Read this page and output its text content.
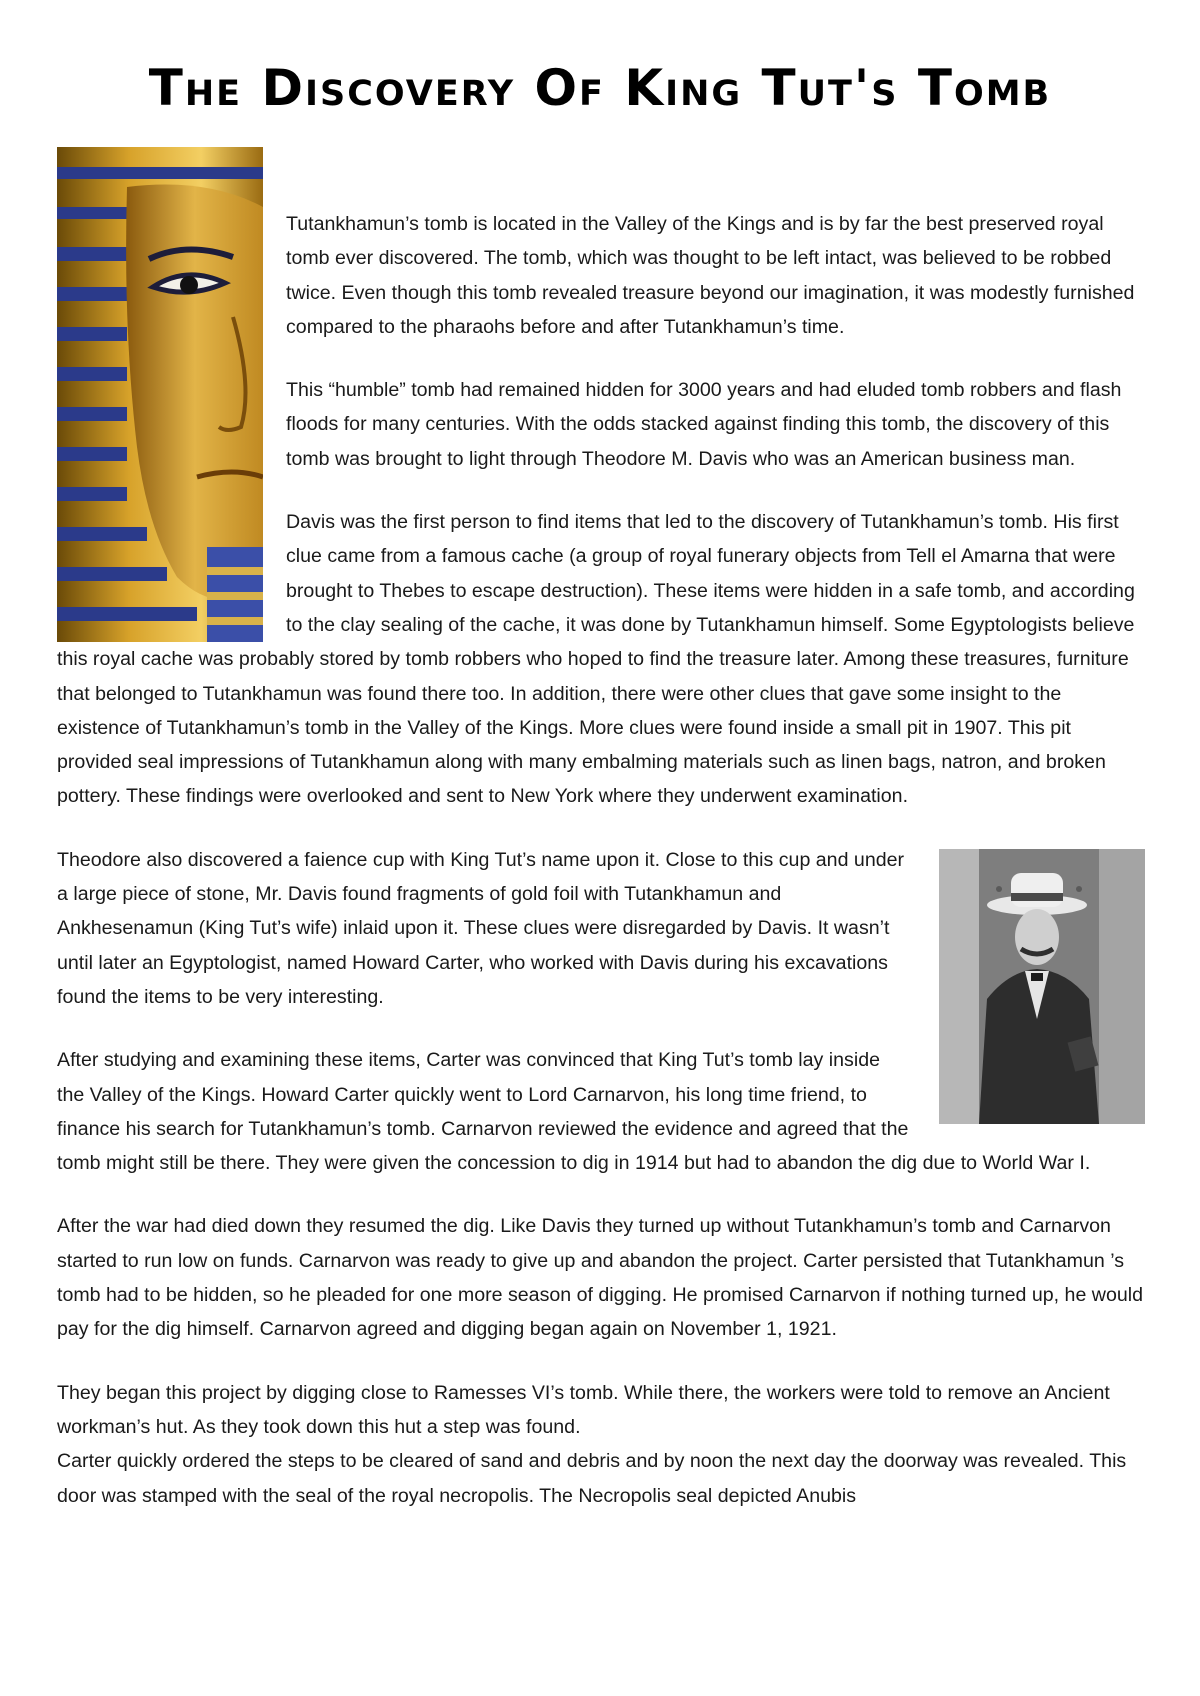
The Discovery Of King Tut's Tomb

Tutankhamun’s tomb is located in the Valley of the Kings and is by far the best preserved royal tomb ever discovered. The tomb, which was thought to be left intact, was believed to be robbed twice. Even though this tomb revealed treasure beyond our imagination, it was modestly furnished compared to the pharaohs before and after Tutankhamun’s time.

This “humble” tomb had remained hidden for 3000 years and had eluded tomb robbers and flash floods for many centuries. With the odds stacked against finding this tomb, the discovery of this tomb was brought to light through Theodore M. Davis who was an American business man.

Davis was the first person to find items that led to the discovery of Tutankhamun’s tomb. His first clue came from a famous cache (a group of royal funerary objects from Tell el Amarna that were brought to Thebes to escape destruction). These items were hidden in a safe tomb, and according to the clay sealing of the cache, it was done by Tutankhamun himself. Some Egyptologists believe this royal cache was probably stored by tomb robbers who hoped to find the treasure later. Among these treasures, furniture that belonged to Tutankhamun was found there too. In addition, there were other clues that gave some insight to the existence of Tutankhamun’s tomb in the Valley of the Kings. More clues were found inside a small pit in 1907. This pit provided seal impressions of Tutankhamun along with many embalming materials such as linen bags, natron, and broken pottery. These findings were overlooked and sent to New York where they underwent examination.

Theodore also discovered a faience cup with King Tut’s name upon it. Close to this cup and under a large piece of stone, Mr. Davis found fragments of gold foil with Tutankhamun and Ankhesenamun (King Tut’s wife) inlaid upon it. These clues were disregarded by Davis. It wasn’t until later an Egyptologist, named Howard Carter, who worked with Davis during his excavations found the items to be very interesting.

After studying and examining these items, Carter was convinced that King Tut’s tomb lay inside the Valley of the Kings. Howard Carter quickly went to Lord Carnarvon, his long time friend, to finance his search for Tutankhamun’s tomb. Carnarvon reviewed the evidence and agreed that the tomb might still be there. They were given the concession to dig in 1914 but had to abandon the dig due to World War I.

After the war had died down they resumed the dig. Like Davis they turned up without Tutankhamun’s tomb and Carnarvon started to run low on funds. Carnarvon was ready to give up and abandon the project. Carter persisted that Tutankhamun ’s tomb had to be hidden, so he pleaded for one more season of digging. He promised Carnarvon if nothing turned up, he would pay for the dig himself. Carnarvon agreed and digging began again on November 1, 1921.

They began this project by digging close to Ramesses VI’s tomb. While there, the workers were told to remove an Ancient workman’s hut. As they took down this hut a step was found.

Carter quickly ordered the steps to be cleared of sand and debris and by noon the next day the doorway was revealed. This door was stamped with the seal of the royal necropolis. The Necropolis seal depicted Anubis
